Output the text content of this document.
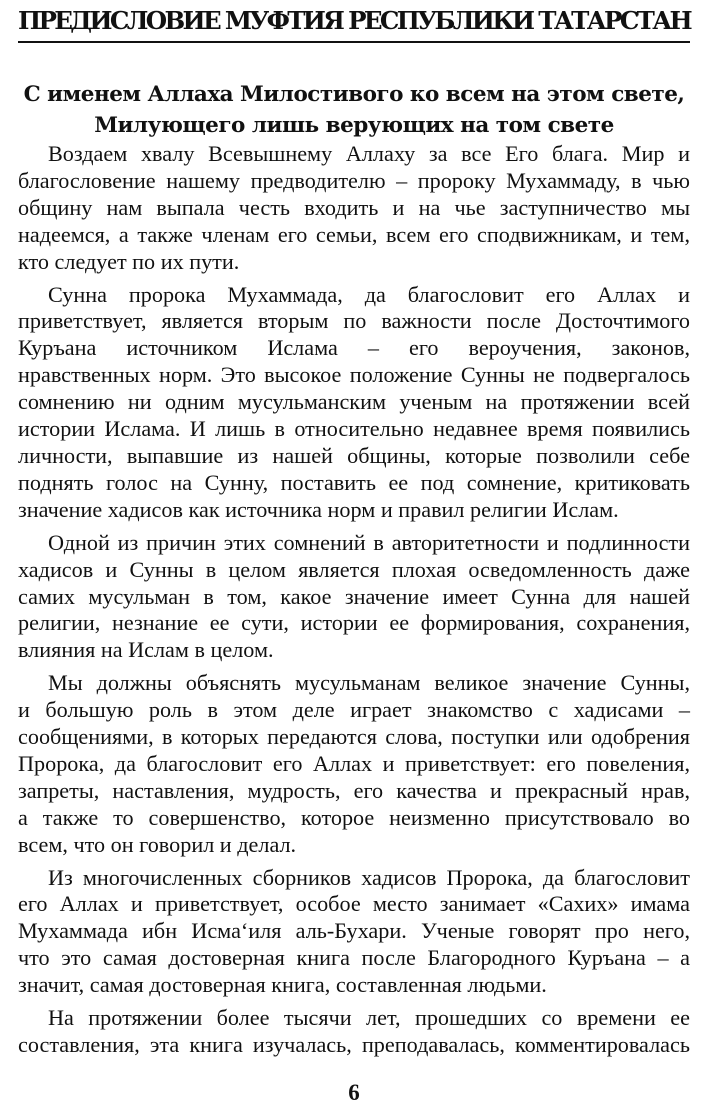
ПРЕДИСЛОВИЕ МУФТИЯ РЕСПУБЛИКИ ТАТАРСТАН
С именем Аллаха Милостивого ко всем на этом свете,
Милующего лишь верующих на том свете
Воздаем хвалу Всевышнему Аллаху за все Его блага. Мир и
благословение нашему предводителю – пророку Мухаммаду, в чью
общину нам выпала честь входить и на чье заступничество мы
надеемся, а также членам его семьи, всем его сподвижникам, и тем,
кто следует по их пути.
Сунна пророка Мухаммада, да благословит его Аллах и
приветствует, является вторым по важности после Досточтимого
Куръана источником Ислама – его вероучения, законов,
нравственных норм. Это высокое положение Сунны не подвергалось
сомнению ни одним мусульманским ученым на протяжении всей
истории Ислама. И лишь в относительно недавнее время появились
личности, выпавшие из нашей общины, которые позволили себе
поднять голос на Сунну, поставить ее под сомнение, критиковать
значение хадисов как источника норм и правил религии Ислам.
Одной из причин этих сомнений в авторитетности и подлинности
хадисов и Сунны в целом является плохая осведомленность даже
самих мусульман в том, какое значение имеет Сунна для нашей
религии, незнание ее сути, истории ее формирования, сохранения,
влияния на Ислам в целом.
Мы должны объяснять мусульманам великое значение Сунны,
и большую роль в этом деле играет знакомство с хадисами –
сообщениями, в которых передаются слова, поступки или одобрения
Пророка, да благословит его Аллах и приветствует: его повеления,
запреты, наставления, мудрость, его качества и прекрасный нрав,
а также то совершенство, которое неизменно присутствовало во
всем, что он говорил и делал.
Из многочисленных сборников хадисов Пророка, да благословит
его Аллах и приветствует, особое место занимает «Сахих» имама
Мухаммада ибн Исма‘иля аль-Бухари. Ученые говорят про него,
что это самая достоверная книга после Благородного Куръана – а
значит, самая достоверная книга, составленная людьми.
На протяжении более тысячи лет, прошедших со времени ее
составления, эта книга изучалась, преподавалась, комментировалась
6
